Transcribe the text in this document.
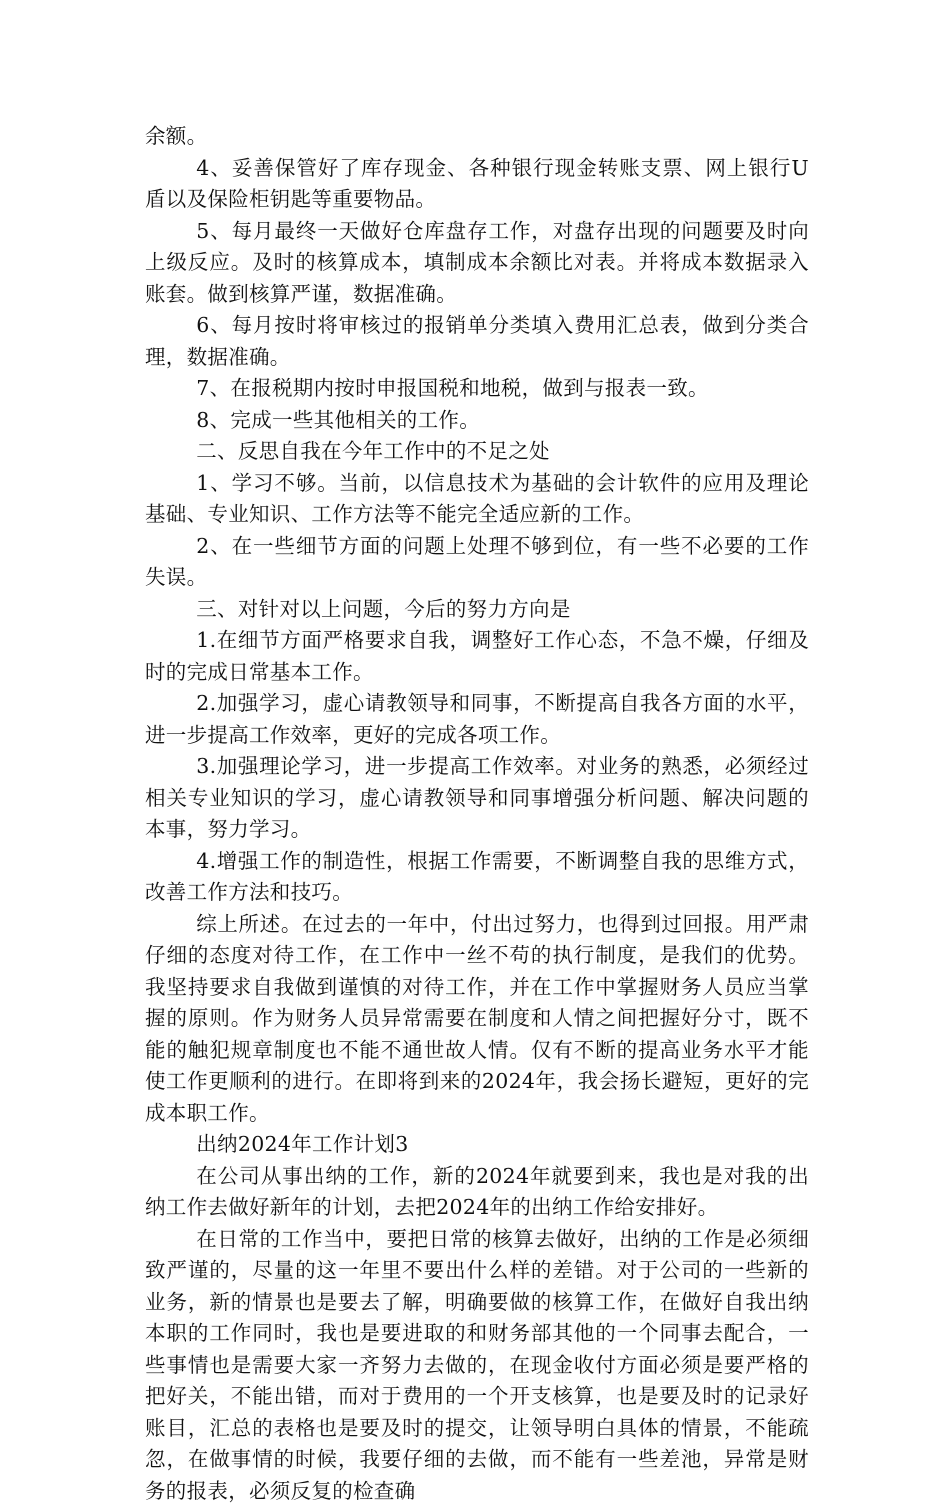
余额。

4、妥善保管好了库存现金、各种银行现金转账支票、网上银行U盾以及保险柜钥匙等重要物品。

5、每月最终一天做好仓库盘存工作，对盘存出现的问题要及时向上级反应。及时的核算成本，填制成本余额比对表。并将成本数据录入账套。做到核算严谨，数据准确。

6、每月按时将审核过的报销单分类填入费用汇总表，做到分类合理，数据准确。

7、在报税期内按时申报国税和地税，做到与报表一致。

8、完成一些其他相关的工作。

二、反思自我在今年工作中的不足之处

1、学习不够。当前，以信息技术为基础的会计软件的应用及理论基础、专业知识、工作方法等不能完全适应新的工作。

2、在一些细节方面的问题上处理不够到位，有一些不必要的工作失误。

三、对针对以上问题，今后的努力方向是

1.在细节方面严格要求自我，调整好工作心态，不急不燥，仔细及时的完成日常基本工作。

2.加强学习，虚心请教领导和同事，不断提高自我各方面的水平，进一步提高工作效率，更好的完成各项工作。

3.加强理论学习，进一步提高工作效率。对业务的熟悉，必须经过相关专业知识的学习，虚心请教领导和同事增强分析问题、解决问题的本事，努力学习。

4.增强工作的制造性，根据工作需要，不断调整自我的思维方式，改善工作方法和技巧。

综上所述。在过去的一年中，付出过努力，也得到过回报。用严肃仔细的态度对待工作，在工作中一丝不苟的执行制度，是我们的优势。我坚持要求自我做到谨慎的对待工作，并在工作中掌握财务人员应当掌握的原则。作为财务人员异常需要在制度和人情之间把握好分寸，既不能的触犯规章制度也不能不通世故人情。仅有不断的提高业务水平才能使工作更顺利的进行。在即将到来的2024年，我会扬长避短，更好的完成本职工作。

出纳2024年工作计划3

在公司从事出纳的工作，新的2024年就要到来，我也是对我的出纳工作去做好新年的计划，去把2024年的出纳工作给安排好。

在日常的工作当中，要把日常的核算去做好，出纳的工作是必须细致严谨的，尽量的这一年里不要出什么样的差错。对于公司的一些新的业务，新的情景也是要去了解，明确要做的核算工作，在做好自我出纳本职的工作同时，我也是要进取的和财务部其他的一个同事去配合，一些事情也是需要大家一齐努力去做的，在现金收付方面必须是要严格的把好关，不能出错，而对于费用的一个开支核算，也是要及时的记录好账目，汇总的表格也是要及时的提交，让领导明白具体的情景，不能疏忽，在做事情的时候，我要仔细的去做，而不能有一些差池，异常是财务的报表，必须反复的检查确
